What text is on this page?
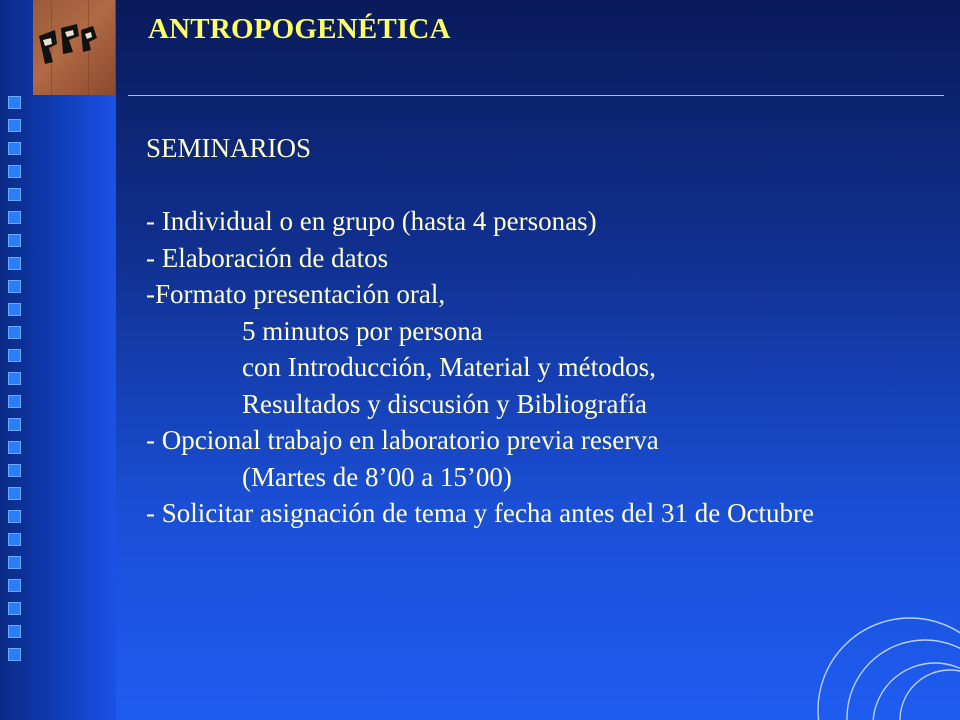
ANTROPOGENÉTICA
SEMINARIOS
- Individual o en grupo (hasta 4 personas)
- Elaboración de datos
-Formato presentación oral,
5 minutos por persona
con Introducción, Material y métodos,
Resultados y discusión y Bibliografía
- Opcional trabajo en laboratorio previa reserva
(Martes de 8’00 a 15’00)
- Solicitar asignación de tema y fecha antes del 31 de Octubre
